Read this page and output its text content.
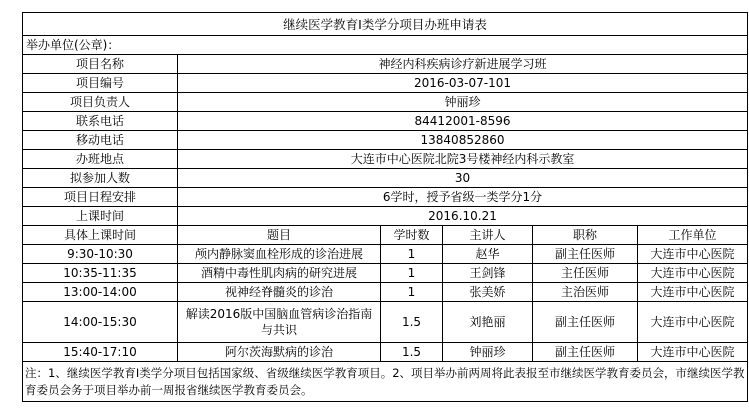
继续医学教育I类学分项目办班申请表					
举办单位(公章)：					
项目名称	神经内科疾病诊疗新进展学习班				
项目编号	2016-03-07-101				
项目负责人	钟丽珍				
联系电话	84412001-8596				
移动电话	13840852860				
办班地点	大连市中心医院北院3号楼神经内科示教室				
拟参加人数	30				
项目日程安排	6学时，授予省级一类学分1分				
上课时间	2016.10.21				
具体上课时间	题目	学时数	主讲人	职称	工作单位
9:30-10:30	颅内静脉窦血栓形成的诊治进展	1	赵华	副主任医师	大连市中心医院
10:35-11:35	酒精中毒性肌肉病的研究进展	1	王剑锋	主任医师	大连市中心医院
13:00-14:00	视神经脊髓炎的诊治	1	张美娇	主治医师	大连市中心医院
14:00-15:30	解读2016版中国脑血管病诊治指南与共识	1.5	刘艳丽	副主任医师	大连市中心医院
15:40-17:10	阿尔茨海默病的诊治	1.5	钟丽珍	副主任医师	大连市中心医院
注：1、继续医学教育Ⅰ类学分项目包括国家级、省级继续医学教育项目。2、项目举办前两周将此表报至市继续医学教育委员会，市继续医学教育委员会务于项目举办前一周报省继续医学教育委员会。					
